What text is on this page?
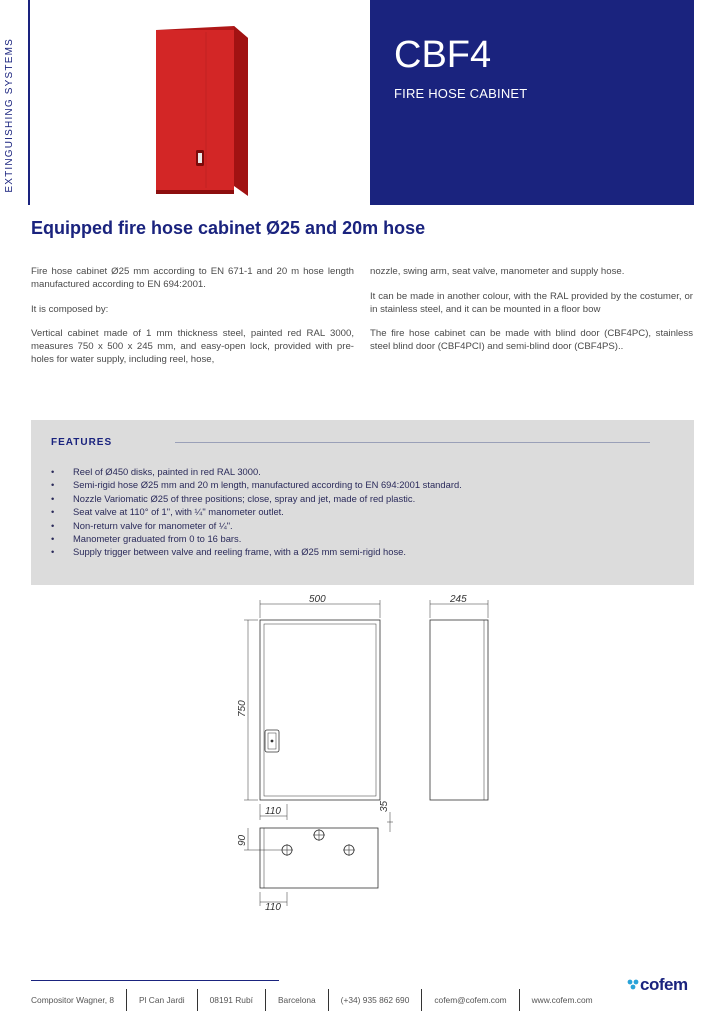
EXTINGUISHING SYSTEMS	CBF4
FIRE HOSE CABINET
Equipped fire hose cabinet Ø25 and 20m hose

Fire hose cabinet Ø25 mm according to EN 671-1 and 20 m hose length manufactured according to EN 694:2001.

It is composed by:

Vertical cabinet made of 1 mm thickness steel, painted red RAL 3000, measures 750 x 500 x 245 mm, and easy-open lock, provided with pre-holes for water supply, including reel, hose,

nozzle, swing arm, seat valve, manometer and supply hose.

It can be made in another colour, with the RAL provided by the costumer, or in stainless steel, and it can be mounted in a floor bow

The fire hose cabinet can be made with blind door (CBF4PC), stainless steel blind door (CBF4PCI) and semi-blind door (CBF4PS)..

FEATURES
• Reel of Ø450 disks, painted in red RAL 3000.
• Semi-rigid hose Ø25 mm and 20 m length, manufactured according to EN 694:2001 standard.
• Nozzle Variomatic Ø25 of three positions; close, spray and jet, made of red plastic.
• Seat valve at 110° of 1", with ¼" manometer outlet.
• Non-return valve for manometer of ¼".
• Manometer graduated from 0 to 16 bars.
• Supply trigger between valve and reeling frame, with a Ø25 mm semi-rigid hose.
500	245
750
110	35
90
110
Compositor Wagner, 8	Pl Can Jardi	08191 Rubí	Barcelona	(+34) 935 862 690	cofem@cofem.com	www.cofem.com
cofem
